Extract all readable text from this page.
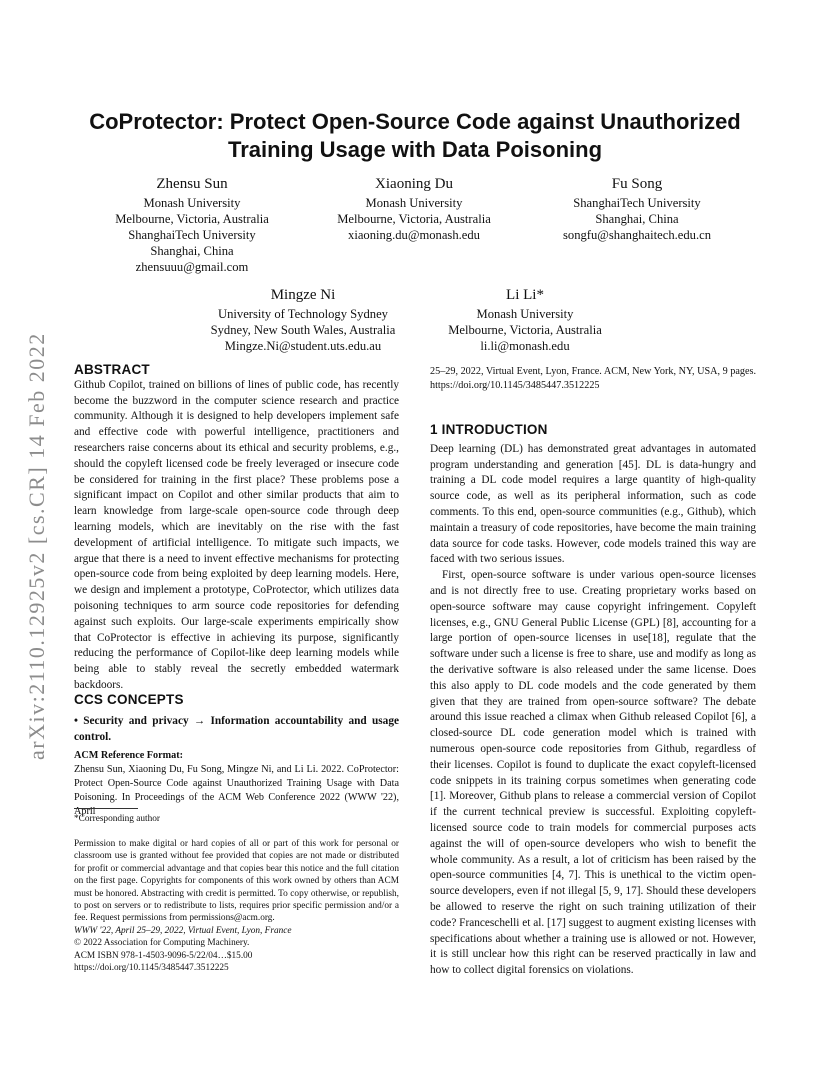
arXiv:2110.12925v2 [cs.CR] 14 Feb 2022
CoProtector: Protect Open-Source Code against Unauthorized Training Usage with Data Poisoning
Zhensu Sun
Monash University
Melbourne, Victoria, Australia
ShanghaiTech University
Shanghai, China
zhensuuu@gmail.com
Xiaoning Du
Monash University
Melbourne, Victoria, Australia
xiaoning.du@monash.edu
Fu Song
ShanghaiTech University
Shanghai, China
songfu@shanghaitech.edu.cn
Mingze Ni
University of Technology Sydney
Sydney, New South Wales, Australia
Mingze.Ni@student.uts.edu.au
Li Li*
Monash University
Melbourne, Victoria, Australia
li.li@monash.edu
ABSTRACT

Github Copilot, trained on billions of lines of public code, has recently become the buzzword in the computer science research and practice community. Although it is designed to help developers implement safe and effective code with powerful intelligence, practitioners and researchers raise concerns about its ethical and security problems, e.g., should the copyleft licensed code be freely leveraged or insecure code be considered for training in the first place? These problems pose a significant impact on Copilot and other similar products that aim to learn knowledge from large-scale open-source code through deep learning models, which are inevitably on the rise with the fast development of artificial intelligence. To mitigate such impacts, we argue that there is a need to invent effective mechanisms for protecting open-source code from being exploited by deep learning models. Here, we design and implement a prototype, CoProtector, which utilizes data poisoning techniques to arm source code repositories for defending against such exploits. Our large-scale experiments empirically show that CoProtector is effective in achieving its purpose, significantly reducing the performance of Copilot-like deep learning models while being able to stably reveal the secretly embedded watermark backdoors.

CCS CONCEPTS

• Security and privacy → Information accountability and usage control.

ACM Reference Format:

Zhensu Sun, Xiaoning Du, Fu Song, Mingze Ni, and Li Li. 2022. CoProtector: Protect Open-Source Code against Unauthorized Training Usage with Data Poisoning. In Proceedings of the ACM Web Conference 2022 (WWW '22), April

*Corresponding author

Permission to make digital or hard copies of all or part of this work for personal or classroom use is granted without fee provided that copies are not made or distributed for profit or commercial advantage and that copies bear this notice and the full citation on the first page. Copyrights for components of this work owned by others than ACM must be honored. Abstracting with credit is permitted. To copy otherwise, or republish, to post on servers or to redistribute to lists, requires prior specific permission and/or a fee. Request permissions from permissions@acm.org.

WWW '22, April 25–29, 2022, Virtual Event, Lyon, France
© 2022 Association for Computing Machinery.
ACM ISBN 978-1-4503-9096-5/22/04…$15.00
https://doi.org/10.1145/3485447.3512225
25–29, 2022, Virtual Event, Lyon, France. ACM, New York, NY, USA, 9 pages. https://doi.org/10.1145/3485447.3512225
1 INTRODUCTION

Deep learning (DL) has demonstrated great advantages in automated program understanding and generation [45]. DL is data-hungry and training a DL code model requires a large quantity of high-quality source code, as well as its peripheral information, such as code comments. To this end, open-source communities (e.g., Github), which maintain a treasury of code repositories, have become the main training data source for code tasks. However, code models trained this way are faced with two serious issues.

First, open-source software is under various open-source licenses and is not directly free to use. Creating proprietary works based on open-source software may cause copyright infringement. Copyleft licenses, e.g., GNU General Public License (GPL) [8], accounting for a large portion of open-source licenses in use[18], regulate that the software under such a license is free to share, use and modify as long as the derivative software is also released under the same license. Does this also apply to DL code models and the code generated by them given that they are trained from open-source software? The debate around this issue reached a climax when Github released Copilot [6], a closed-source DL code generation model which is trained with numerous open-source code repositories from Github, regardless of their licenses. Copilot is found to duplicate the exact copyleft-licensed code snippets in its training corpus sometimes when generating code [1]. Moreover, Github plans to release a commercial version of Copilot if the current technical preview is successful. Exploiting copyleft-licensed source code to train models for commercial purposes acts against the will of open-source developers who wish to benefit the whole community. As a result, a lot of criticism has been raised by the open-source communities [4, 7]. This is unethical to the victim open-source developers, even if not illegal [5, 9, 17]. Should these developers be allowed to reserve the right on such training utilization of their code? Franceschelli et al. [17] suggest to augment existing licenses with specifications about whether a training use is allowed or not. However, it is still unclear how this right can be reserved practically in law and how to collect digital forensics on violations.
